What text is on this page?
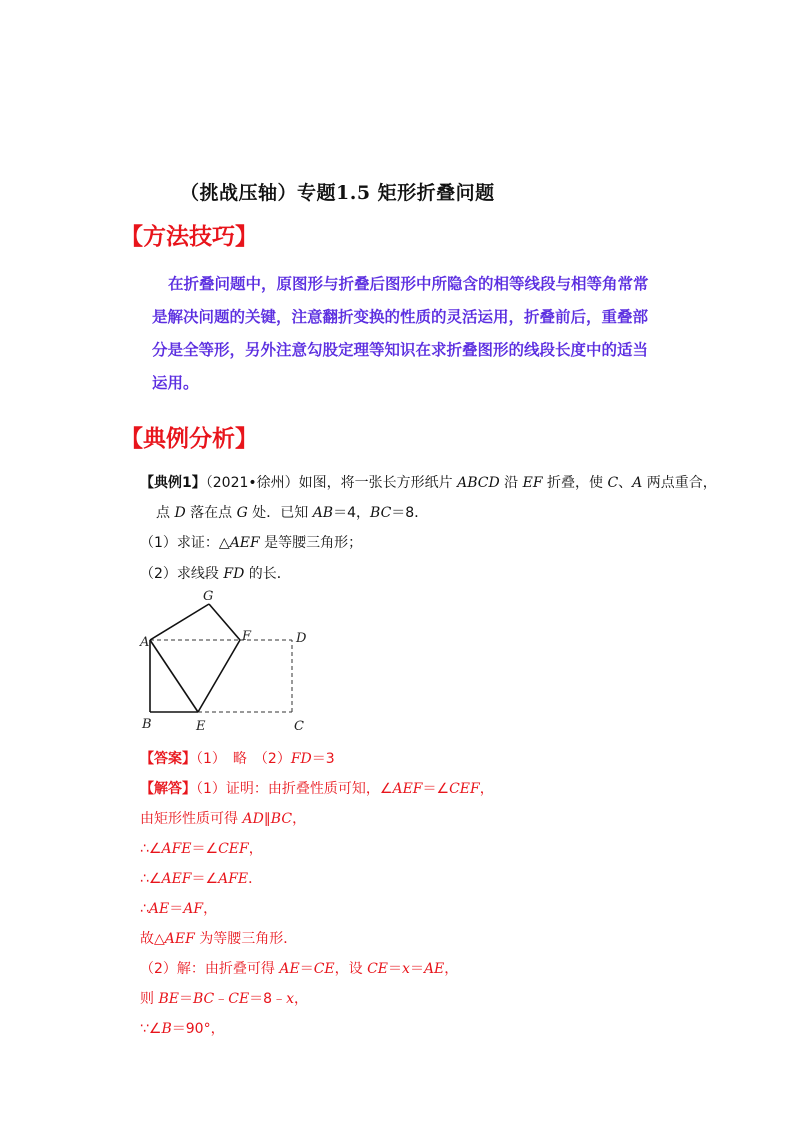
（挑战压轴）专题1.5 矩形折叠问题
【方法技巧】
在折叠问题中，原图形与折叠后图形中所隐含的相等线段与相等角常常
是解决问题的关键，注意翻折变换的性质的灵活运用，折叠前后，重叠部
分是全等形，另外注意勾股定理等知识在求折叠图形的线段长度中的适当
运用。
【典例分析】
【典例1】（2021•徐州）如图，将一张长方形纸片 ABCD 沿 EF 折叠，使 C、A 两点重合，
点 D 落在点 G 处．已知 AB＝4，BC＝8．
（1）求证：△AEF 是等腰三角形；
（2）求线段 FD 的长．
G
A	F	D
B	E	C
【答案】（1）　略　（2）FD＝3
【解答】（1）证明：由折叠性质可知，∠AEF＝∠CEF，
由矩形性质可得 AD∥BC，
∴∠AFE＝∠CEF，
∴∠AEF＝∠AFE．
∴AE＝AF，
故△AEF 为等腰三角形．
（2）解：由折叠可得 AE＝CE，设 CE＝x＝AE，
则 BE＝BC﹣CE＝8﹣x，
∵∠B＝90°，
